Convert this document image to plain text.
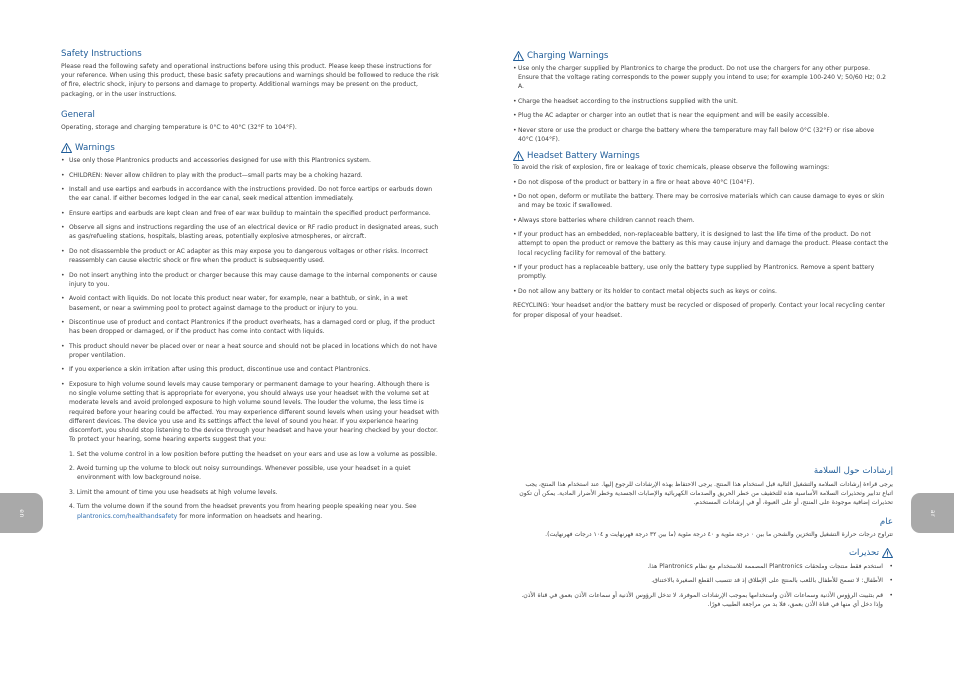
Safety Instructions

Please read the following safety and operational instructions before using this product. Please keep these instructions for your reference. When using this product, these basic safety precautions and warnings should be followed to reduce the risk of fire, electric shock, injury to persons and damage to property. Additional warnings may be present on the product, packaging, or in the user instructions.

General

Operating, storage and charging temperature is 0°C to 40°C (32°F to 104°F).

Warnings
• Use only those Plantronics products and accessories designed for use with this Plantronics system.
• CHILDREN: Never allow children to play with the product—small parts may be a choking hazard.
• Install and use eartips and earbuds in accordance with the instructions provided. Do not force eartips or earbuds down the ear canal. If either becomes lodged in the ear canal, seek medical attention immediately.
• Ensure eartips and earbuds are kept clean and free of ear wax buildup to maintain the specified product performance.
• Observe all signs and instructions regarding the use of an electrical device or RF radio product in designated areas, such as gas/refueling stations, hospitals, blasting areas, potentially explosive atmospheres, or aircraft.
• Do not disassemble the product or AC adapter as this may expose you to dangerous voltages or other risks. Incorrect reassembly can cause electric shock or fire when the product is subsequently used.
• Do not insert anything into the product or charger because this may cause damage to the internal components or cause injury to you.
• Avoid contact with liquids. Do not locate this product near water, for example, near a bathtub, or sink, in a wet basement, or near a swimming pool to protect against damage to the product or injury to you.
• Discontinue use of product and contact Plantronics if the product overheats, has a damaged cord or plug, if the product has been dropped or damaged, or if the product has come into contact with liquids.
• This product should never be placed over or near a heat source and should not be placed in locations which do not have proper ventilation.
• If you experience a skin irritation after using this product, discontinue use and contact Plantronics.
• Exposure to high volume sound levels may cause temporary or permanent damage to your hearing. Although there is no single volume setting that is appropriate for everyone, you should always use your headset with the volume set at moderate levels and avoid prolonged exposure to high volume sound levels. The louder the volume, the less time is required before your hearing could be affected. You may experience different sound levels when using your headset with different devices. The device you use and its settings affect the level of sound you hear. If you experience hearing discomfort, you should stop listening to the device through your headset and have your hearing checked by your doctor. To protect your hearing, some hearing experts suggest that you:
1. Set the volume control in a low position before putting the headset on your ears and use as low a volume as possible.
2. Avoid turning up the volume to block out noisy surroundings. Whenever possible, use your headset in a quiet environment with low background noise.
3. Limit the amount of time you use headsets at high volume levels.
4. Turn the volume down if the sound from the headset prevents you from hearing people speaking near you. See plantronics.com/healthandsafety for more information on headsets and hearing.
Charging Warnings
• Use only the charger supplied by Plantronics to charge the product. Do not use the chargers for any other purpose. Ensure that the voltage rating corresponds to the power supply you intend to use; for example 100-240 V; 50/60 Hz; 0.2 A.
• Charge the headset according to the instructions supplied with the unit.
• Plug the AC adapter or charger into an outlet that is near the equipment and will be easily accessible.
• Never store or use the product or charge the battery where the temperature may fall below 0°C (32°F) or rise above 40°C (104°F).
Headset Battery Warnings

To avoid the risk of explosion, fire or leakage of toxic chemicals, please observe the following warnings:

• Do not dispose of the product or battery in a fire or heat above 40°C (104°F).
• Do not open, deform or mutilate the battery. There may be corrosive materials which can cause damage to eyes or skin and may be toxic if swallowed.
• Always store batteries where children cannot reach them.
• If your product has an embedded, non-replaceable battery, it is designed to last the life time of the product. Do not attempt to open the product or remove the battery as this may cause injury and damage the product. Please contact the local recycling facility for removal of the battery.
• If your product has a replaceable battery, use only the battery type supplied by Plantronics. Remove a spent battery promptly.
• Do not allow any battery or its holder to contact metal objects such as keys or coins.

RECYCLING: Your headset and/or the battery must be recycled or disposed of properly. Contact your local recycling center for proper disposal of your headset.

إرشادات حول السلامة

يرجى قراءة إرشادات السلامة والتشغيل التالية قبل استخدام هذا المنتج. يرجى الاحتفاظ بهذه الإرشادات للرجوع إليها. عند استخدام هذا المنتج، يجب اتباع تدابير وتحذيرات السلامة الأساسية هذه للتخفيف من خطر الحريق والصدمات الكهربائية والإصابات الجسدية وخطر الأضرار المادية. يمكن أن تكون تحذيرات إضافية موجودة على المنتج، أو على العبوة، أو في إرشادات المستخدم.

عام

تتراوح درجات حرارة التشغيل والتخزين والشحن ما بين ٠ درجة مئوية و ٤٠ درجة مئوية (ما بين ٣٢ درجة فهرنهايت و ١٠٤ درجات فهرنهايت).

تحذيرات
• استخدم فقط منتجات وملحقات Plantronics المصممة للاستخدام مع نظام Plantronics هذا.
• الأطفال: لا تسمح للأطفال باللعب بالمنتج على الإطلاق إذ قد تتسبب القطع الصغيرة بالاختناق.
• قم بتثبيت الرؤوس الأذنية وسماعات الأذن واستخدامها بموجب الإرشادات الموفرة. لا تدخل الرؤوس الأذنية أو سماعات الأذن بعمق في قناة الأذن. وإذا دخل أي منها في قناة الأذن بعمق، فلا بد من مراجعة الطبيب فورًا.
en	ar
